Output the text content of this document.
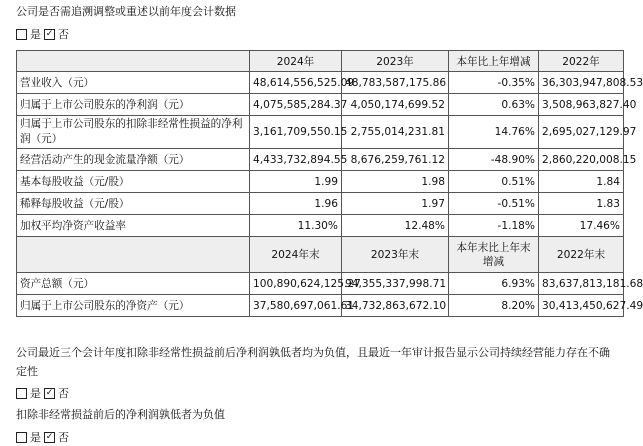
公司是否需追溯调整或重述以前年度会计数据
是 ✓ 否
	2024年	2023年	本年比上年增减	2022年
营业收入（元）	48,614,556,525.09	48,783,587,175.86	-0.35%	36,303,947,808.53
归属于上市公司股东的净利润（元）	4,075,585,284.37	4,050,174,699.52	0.63%	3,508,963,827.40
归属于上市公司股东的扣除非经常性损益的净利润（元）	3,161,709,550.15	2,755,014,231.81	14.76%	2,695,027,129.97
经营活动产生的现金流量净额（元）	4,433,732,894.55	8,676,259,761.12	-48.90%	2,860,220,008.15
基本每股收益（元/股）	1.99	1.98	0.51%	1.84
稀释每股收益（元/股）	1.96	1.97	-0.51%	1.83
加权平均净资产收益率	11.30%	12.48%	-1.18%	17.46%
	2024年末	2023年末	本年末比上年末增减	2022年末
资产总额（元）	100,890,624,125.27	94,355,337,998.71	6.93%	83,637,813,181.68
归属于上市公司股东的净资产（元）	37,580,697,061.61	34,732,863,672.10	8.20%	30,413,450,627.49
公司最近三个会计年度扣除非经常性损益前后净利润孰低者均为负值，且最近一年审计报告显示公司持续经营能力存在不确
定性
是 ✓ 否
扣除非经常损益前后的净利润孰低者为负值
是 ✓ 否
